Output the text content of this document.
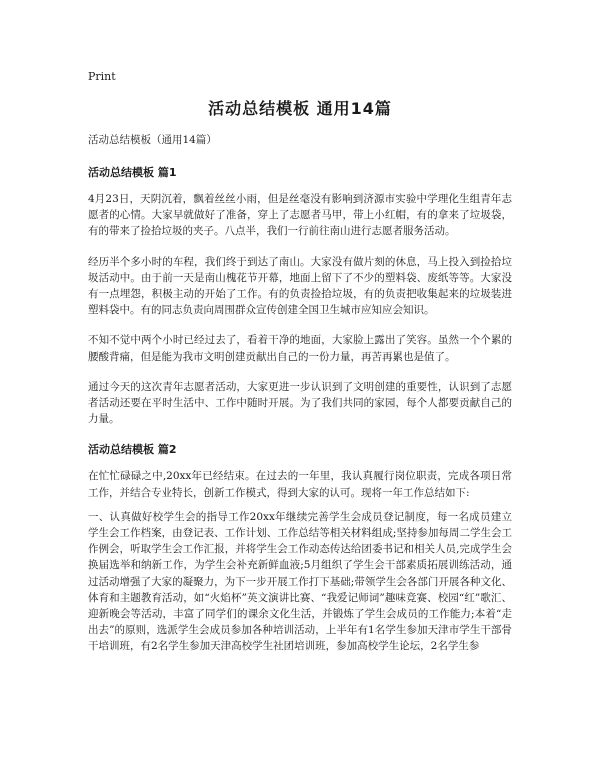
Print
活动总结模板 通用14篇
活动总结模板（通用14篇）
活动总结模板 篇1

4月23日，天阴沉着，飘着丝丝小雨，但是丝毫没有影响到济源市实验中学理化生组青年志愿者的心情。大家早就做好了准备，穿上了志愿者马甲，带上小红帽，有的拿来了垃圾袋，有的带来了捡拾垃圾的夹子。八点半，我们一行前往南山进行志愿者服务活动。

经历半个多小时的车程，我们终于到达了南山。大家没有做片刻的休息，马上投入到捡拾垃圾活动中。由于前一天是南山槐花节开幕，地面上留下了不少的塑料袋、废纸等等。大家没有一点埋怨，积极主动的开始了工作。有的负责捡拾垃圾，有的负责把收集起来的垃圾装进塑料袋中。有的同志负责向周围群众宣传创建全国卫生城市应知应会知识。

不知不觉中两个小时已经过去了，看着干净的地面，大家脸上露出了笑容。虽然一个个累的腰酸背痛，但是能为我市文明创建贡献出自己的一份力量，再苦再累也是值了。

通过今天的这次青年志愿者活动，大家更进一步认识到了文明创建的重要性，认识到了志愿者活动还要在平时生活中、工作中随时开展。为了我们共同的家园，每个人都要贡献自己的力量。

活动总结模板 篇2

在忙忙碌碌之中,20xx年已经结束。在过去的一年里，我认真履行岗位职责，完成各项日常工作，并结合专业特长，创新工作模式，得到大家的认可。现将一年工作总结如下:

一、认真做好校学生会的指导工作20xx年继续完善学生会成员登记制度，每一名成员建立学生会工作档案，由登记表、工作计划、工作总结等相关材料组成;坚持参加每周二学生会工作例会，听取学生会工作汇报，并将学生会工作动态传达给团委书记和相关人员,完成学生会换届选举和纳新工作，为学生会补充新鲜血液;5月组织了学生会干部素质拓展训练活动，通过活动增强了大家的凝聚力，为下一步开展工作打下基础;带领学生会各部门开展各种文化、体育和主题教育活动，如“火焰杯”英文演讲比赛、“我爱记师词”趣味竞赛、校园“红”歌汇、迎新晚会等活动，丰富了同学们的课余文化生活，并锻炼了学生会成员的工作能力;本着“走出去”的原则，选派学生会成员参加各种培训活动，上半年有1名学生参加天津市学生干部骨干培训班，有2名学生参加天津高校学生社团培训班，参加高校学生论坛，2名学生参
